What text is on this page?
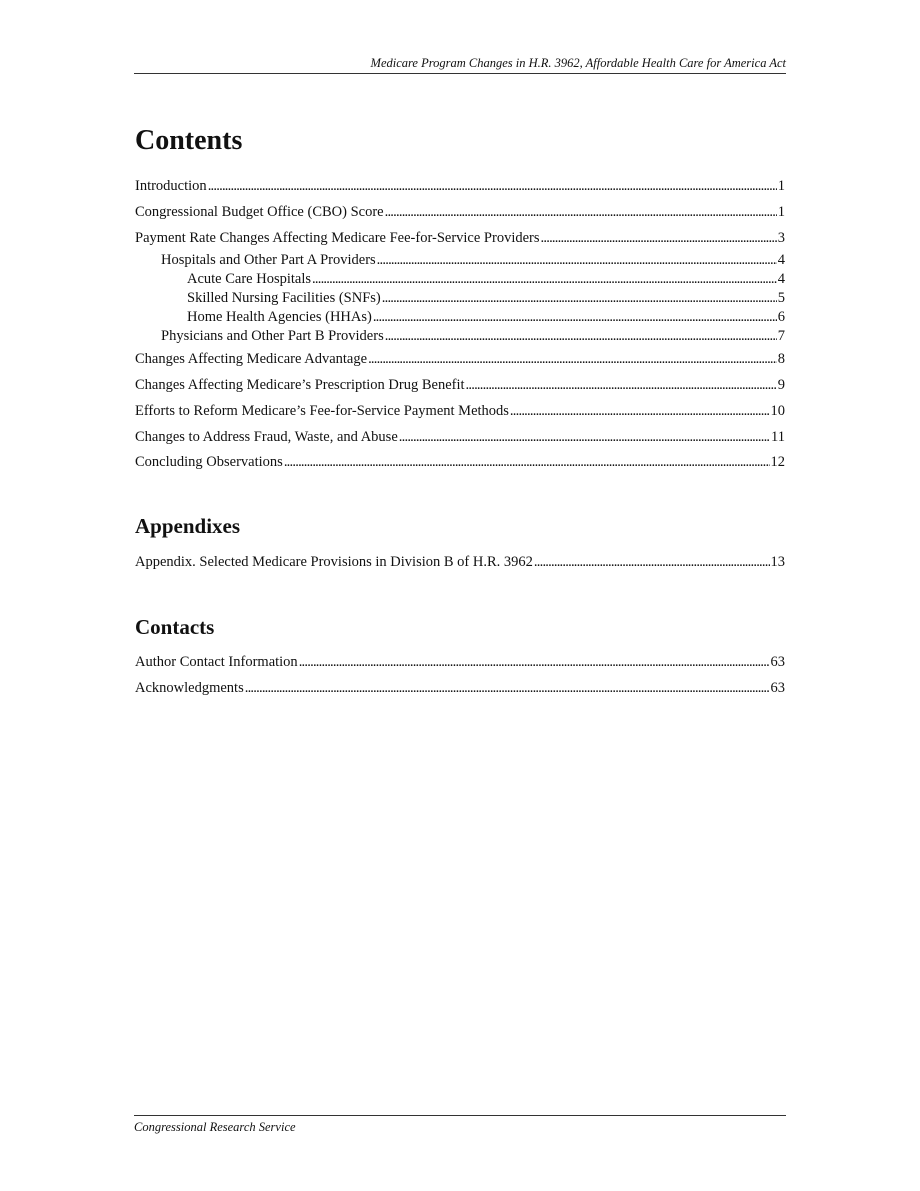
Medicare Program Changes in H.R. 3962, Affordable Health Care for America Act
Contents
Introduction . . .	1
Congressional Budget Office (CBO) Score . . .	1
Payment Rate Changes Affecting Medicare Fee-for-Service Providers . . .	3
Hospitals and Other Part A Providers . . .	4
Acute Care Hospitals . . .	4
Skilled Nursing Facilities (SNFs) . . .	5
Home Health Agencies (HHAs) . . .	6
Physicians and Other Part B Providers . . .	7
Changes Affecting Medicare Advantage . . .	8
Changes Affecting Medicare’s Prescription Drug Benefit . . .	9
Efforts to Reform Medicare’s Fee-for-Service Payment Methods . . .	10
Changes to Address Fraud, Waste, and Abuse . . .	11
Concluding Observations . . .	12
Appendixes
Appendix. Selected Medicare Provisions in Division B of H.R. 3962 . . .	13
Contacts
Author Contact Information . . .	63
Acknowledgments . . .	63
Congressional Research Service
